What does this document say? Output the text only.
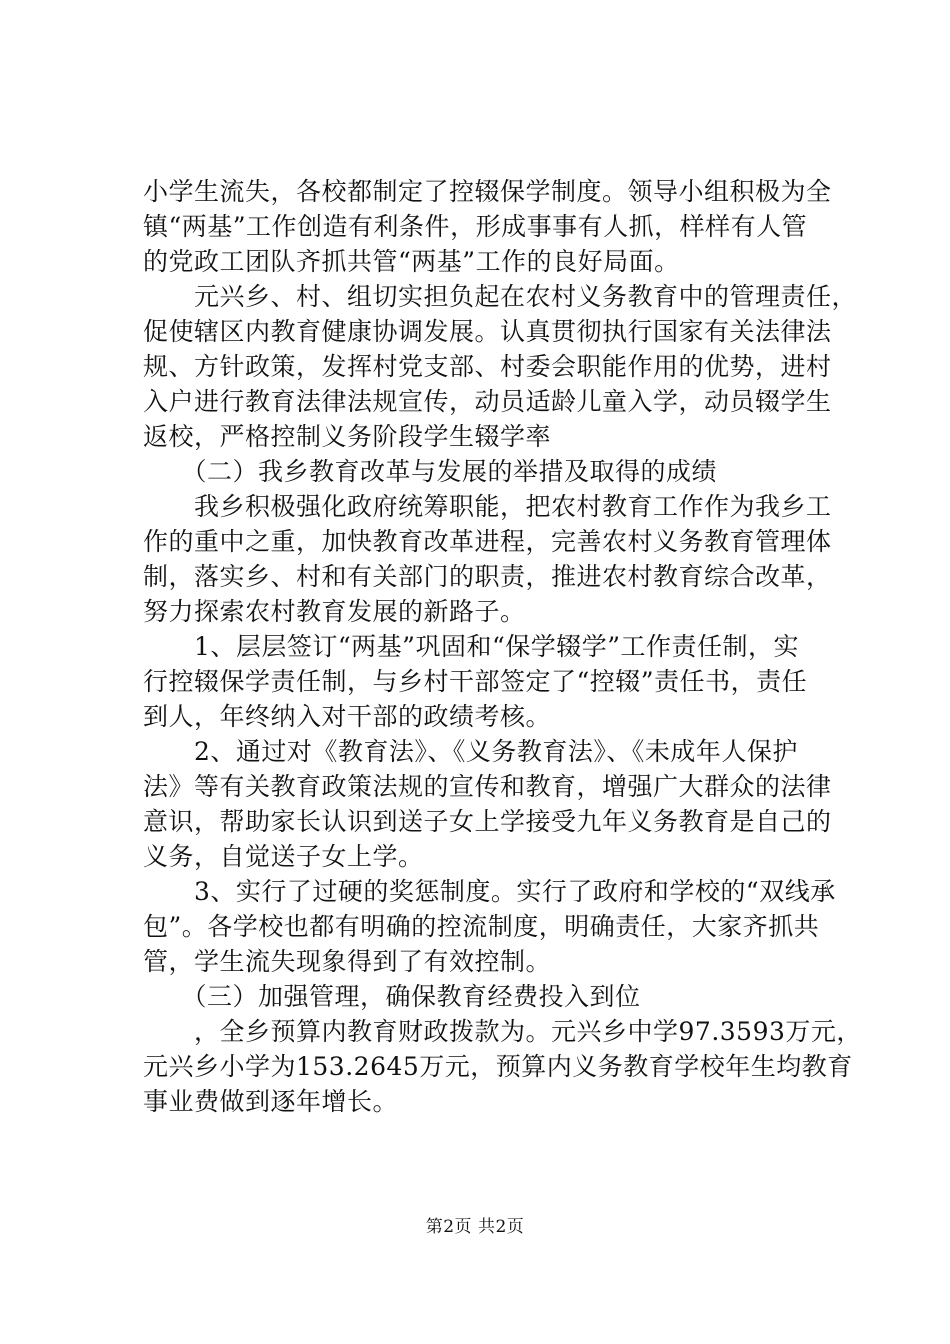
小学生流失，各校都制定了控辍保学制度。领导小组积极为全
镇“两基”工作创造有利条件，形成事事有人抓，样样有人管
的党政工团队齐抓共管“两基”工作的良好局面。
　　元兴乡、村、组切实担负起在农村义务教育中的管理责任，
促使辖区内教育健康协调发展。认真贯彻执行国家有关法律法
规、方针政策，发挥村党支部、村委会职能作用的优势，进村
入户进行教育法律法规宣传，动员适龄儿童入学，动员辍学生
返校，严格控制义务阶段学生辍学率
　　（二）我乡教育改革与发展的举措及取得的成绩
　　我乡积极强化政府统筹职能，把农村教育工作作为我乡工
作的重中之重，加快教育改革进程，完善农村义务教育管理体
制，落实乡、村和有关部门的职责，推进农村教育综合改革，
努力探索农村教育发展的新路子。
　　1、层层签订“两基”巩固和“保学辍学”工作责任制，实
行控辍保学责任制，与乡村干部签定了“控辍”责任书，责任
到人，年终纳入对干部的政绩考核。
　　2、通过对《教育法》、《义务教育法》、《未成年人保护
法》等有关教育政策法规的宣传和教育，增强广大群众的法律
意识，帮助家长认识到送子女上学接受九年义务教育是自己的
义务，自觉送子女上学。
　　3、实行了过硬的奖惩制度。实行了政府和学校的“双线承
包”。各学校也都有明确的控流制度，明确责任，大家齐抓共
管，学生流失现象得到了有效控制。
　　（三）加强管理，确保教育经费投入到位
　　，全乡预算内教育财政拨款为。元兴乡中学97.3593万元，
元兴乡小学为153.2645万元，预算内义务教育学校年生均教育
事业费做到逐年增长。
第2页 共2页
